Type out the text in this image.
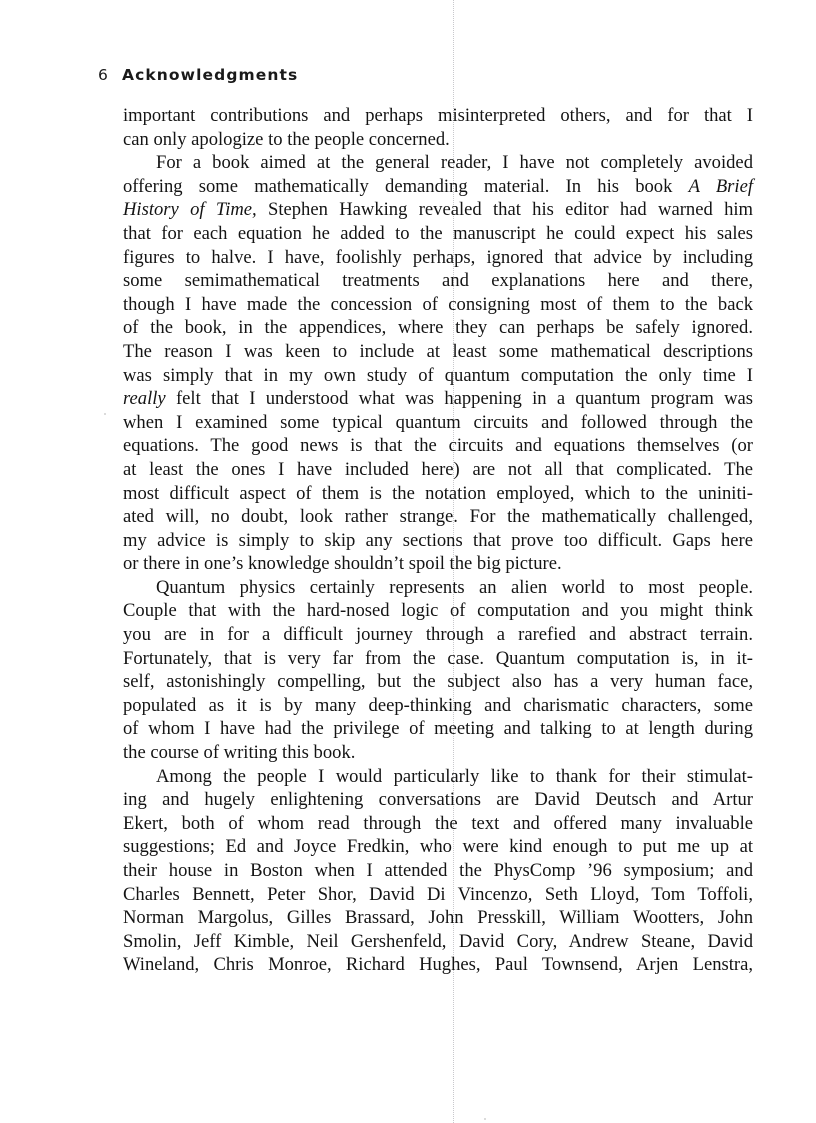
6 Acknowledgments
important contributions and perhaps misinterpreted others, and for that I
can only apologize to the people concerned.
For a book aimed at the general reader, I have not completely avoided
offering some mathematically demanding material. In his book A Brief
History of Time, Stephen Hawking revealed that his editor had warned him
that for each equation he added to the manuscript he could expect his sales
figures to halve. I have, foolishly perhaps, ignored that advice by including
some semimathematical treatments and explanations here and there,
though I have made the concession of consigning most of them to the back
of the book, in the appendices, where they can perhaps be safely ignored.
The reason I was keen to include at least some mathematical descriptions
was simply that in my own study of quantum computation the only time I
really felt that I understood what was happening in a quantum program was
when I examined some typical quantum circuits and followed through the
equations. The good news is that the circuits and equations themselves (or
at least the ones I have included here) are not all that complicated. The
most difficult aspect of them is the notation employed, which to the uniniti-
ated will, no doubt, look rather strange. For the mathematically challenged,
my advice is simply to skip any sections that prove too difficult. Gaps here
or there in one’s knowledge shouldn’t spoil the big picture.
Quantum physics certainly represents an alien world to most people.
Couple that with the hard-nosed logic of computation and you might think
you are in for a difficult journey through a rarefied and abstract terrain.
Fortunately, that is very far from the case. Quantum computation is, in it-
self, astonishingly compelling, but the subject also has a very human face,
populated as it is by many deep-thinking and charismatic characters, some
of whom I have had the privilege of meeting and talking to at length during
the course of writing this book.
Among the people I would particularly like to thank for their stimulat-
ing and hugely enlightening conversations are David Deutsch and Artur
Ekert, both of whom read through the text and offered many invaluable
suggestions; Ed and Joyce Fredkin, who were kind enough to put me up at
their house in Boston when I attended the PhysComp ’96 symposium; and
Charles Bennett, Peter Shor, David Di Vincenzo, Seth Lloyd, Tom Toffoli,
Norman Margolus, Gilles Brassard, John Presskill, William Wootters, John
Smolin, Jeff Kimble, Neil Gershenfeld, David Cory, Andrew Steane, David
Wineland, Chris Monroe, Richard Hughes, Paul Townsend, Arjen Lenstra,
